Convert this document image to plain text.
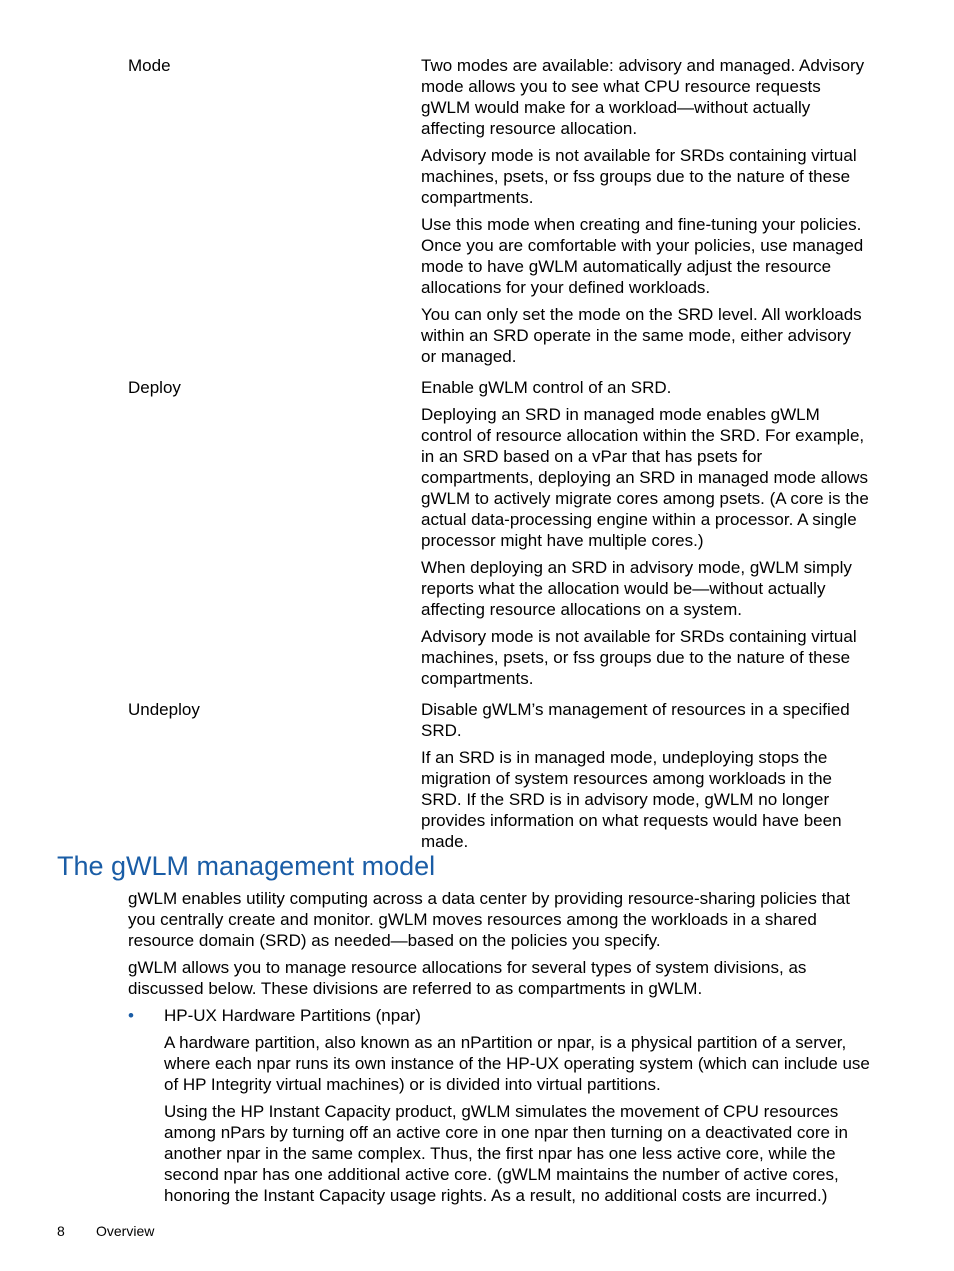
Mode	Two modes are available: advisory and managed. Advisory mode allows you to see what CPU resource requests gWLM would make for a workload—without actually affecting resource allocation.

Advisory mode is not available for SRDs containing virtual machines, psets, or fss groups due to the nature of these compartments.

Use this mode when creating and fine-tuning your policies. Once you are comfortable with your policies, use managed mode to have gWLM automatically adjust the resource allocations for your defined workloads.

You can only set the mode on the SRD level. All workloads within an SRD operate in the same mode, either advisory or managed.

Deploy	Enable gWLM control of an SRD.

Deploying an SRD in managed mode enables gWLM control of resource allocation within the SRD. For example, in an SRD based on a vPar that has psets for compartments, deploying an SRD in managed mode allows gWLM to actively migrate cores among psets. (A core is the actual data-processing engine within a processor. A single processor might have multiple cores.)

When deploying an SRD in advisory mode, gWLM simply reports what the allocation would be—without actually affecting resource allocations on a system.

Advisory mode is not available for SRDs containing virtual machines, psets, or fss groups due to the nature of these compartments.

Undeploy	Disable gWLM’s management of resources in a specified SRD.

If an SRD is in managed mode, undeploying stops the migration of system resources among workloads in the SRD. If the SRD is in advisory mode, gWLM no longer provides information on what requests would have been made.

The gWLM management model

gWLM enables utility computing across a data center by providing resource-sharing policies that you centrally create and monitor. gWLM moves resources among the workloads in a shared resource domain (SRD) as needed—based on the policies you specify.

gWLM allows you to manage resource allocations for several types of system divisions, as discussed below. These divisions are referred to as compartments in gWLM.

• HP-UX Hardware Partitions (npar)

A hardware partition, also known as an nPartition or npar, is a physical partition of a server, where each npar runs its own instance of the HP-UX operating system (which can include use of HP Integrity virtual machines) or is divided into virtual partitions.

Using the HP Instant Capacity product, gWLM simulates the movement of CPU resources among nPars by turning off an active core in one npar then turning on a deactivated core in another npar in the same complex. Thus, the first npar has one less active core, while the second npar has one additional active core. (gWLM maintains the number of active cores, honoring the Instant Capacity usage rights. As a result, no additional costs are incurred.)

8 Overview
